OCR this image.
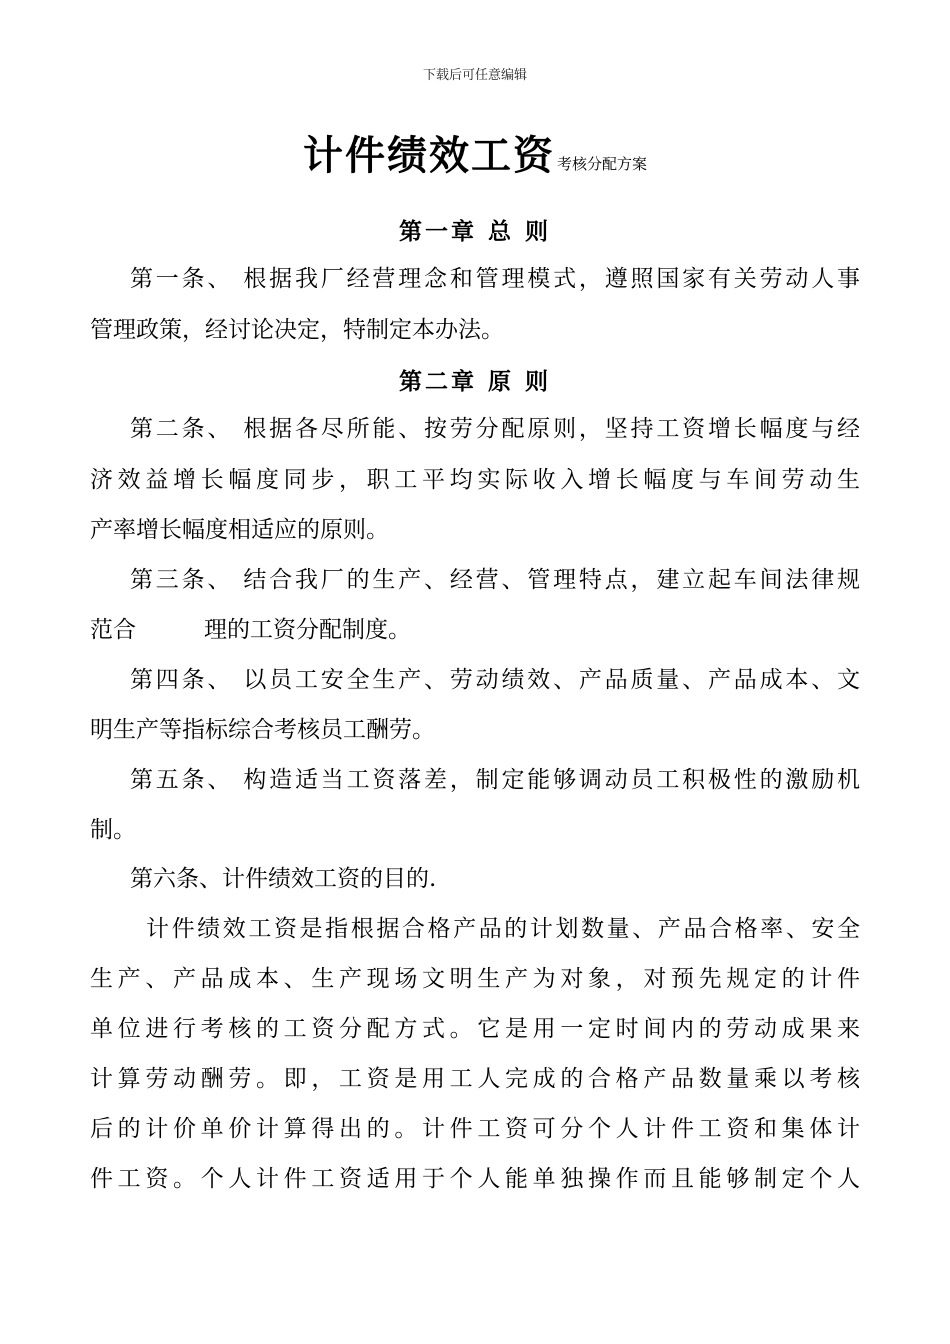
下载后可任意编辑
计件绩效工资 考核分配方案
第一章 总 则
第一条、 根据我厂经营理念和管理模式，遵照国家有关劳动人事
管理政策，经讨论决定，特制定本办法。
第二章 原 则
第二条、 根据各尽所能、按劳分配原则，坚持工资增长幅度与经
济效益增长幅度同步，职工平均实际收入增长幅度与车间劳动生
产率增长幅度相适应的原则。
第三条、 结合我厂的生产、经营、管理特点，建立起车间法律规
范合	理的工资分配制度。
第四条、 以员工安全生产、劳动绩效、产品质量、产品成本、文
明生产等指标综合考核员工酬劳。
第五条、 构造适当工资落差，制定能够调动员工积极性的激励机
制。
第六条、计件绩效工资的目的.
计件绩效工资是指根据合格产品的计划数量、产品合格率、安全
生产、产品成本、生产现场文明生产为对象，对预先规定的计件
单位进行考核的工资分配方式。它是用一定时间内的劳动成果来
计算劳动酬劳。即，工资是用工人完成的合格产品数量乘以考核
后的计价单价计算得出的。计件工资可分个人计件工资和集体计
件工资。个人计件工资适用于个人能单独操作而且能够制定个人
